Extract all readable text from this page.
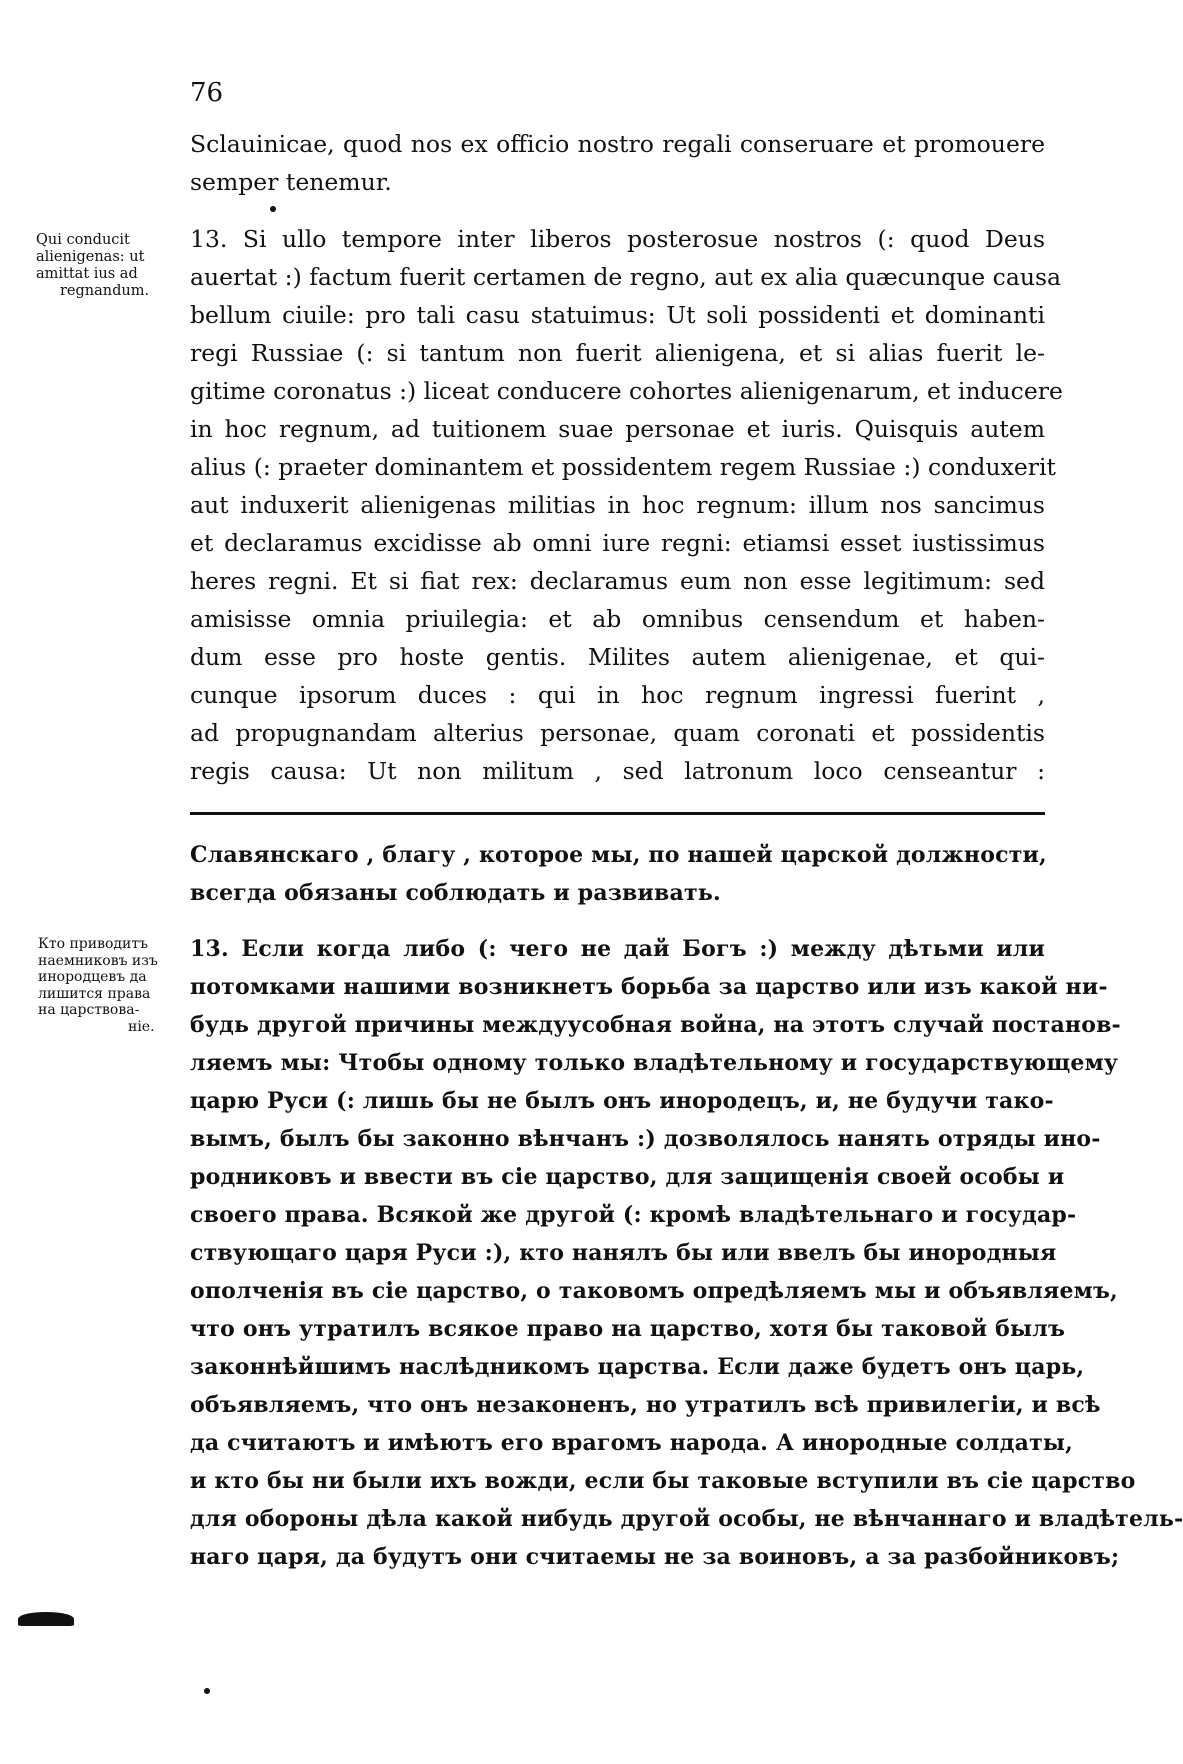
76
Qui conducit
alienigenas: ut
amittat ius ad
regnandum.
Sclauinicae, quod nos ex officio nostro regali conseruare et promouere
semper tenemur.
13. Si ullo tempore inter liberos posterosue nostros (: quod Deus
auertat :) factum fuerit certamen de regno, aut ex alia quæcunque causa
bellum ciuile: pro tali casu statuimus: Ut soli possidenti et dominanti
regi Russiae (: si tantum non fuerit alienigena, et si alias fuerit le-
gitime coronatus :) liceat conducere cohortes alienigenarum, et inducere
in hoc regnum, ad tuitionem suae personae et iuris. Quisquis autem
alius (: praeter dominantem et possidentem regem Russiae :) conduxerit
aut induxerit alienigenas militias in hoc regnum: illum nos sancimus
et declaramus excidisse ab omni iure regni: etiamsi esset iustissimus
heres regni. Et si fiat rex: declaramus eum non esse legitimum: sed
amisisse omnia priuilegia: et ab omnibus censendum et haben-
dum esse pro hoste gentis. Milites autem alienigenae, et qui-
cunque ipsorum duces : qui in hoc regnum ingressi fuerint ,
ad propugnandam alterius personae, quam coronati et possidentis
regis causa: Ut non militum , sed latronum loco censeantur :
Кто приводитъ
наемниковъ изъ
инородцевъ да
лишится права
на царствова-
нiе.
Славянскаго , благу , которое мы, по нашей царской должности,
всегда обязаны соблюдать и развивать.
13. Если когда либо (: чего не дай Богъ :) между дѣтьми или
потомками нашими возникнетъ борьба за царство или изъ какой ни-
будь другой причины междуусобная война, на этотъ случай постанов-
ляемъ мы: Чтобы одному только владѣтельному и государствующему
царю Руси (: лишь бы не былъ онъ инородецъ, и, не будучи тако-
вымъ, былъ бы законно вѣнчанъ :) дозволялось нанять отряды ино-
родниковъ и ввести въ сiе царство, для защищенiя своей особы и
своего права. Всякой же другой (: кромѣ владѣтельнаго и государ-
ствующаго царя Руси :), кто нанялъ бы или ввелъ бы инородныя
ополченiя въ сiе царство, о таковомъ опредѣляемъ мы и объявляемъ,
что онъ утратилъ всякое право на царство, хотя бы таковой былъ
законнѣйшимъ наслѣдникомъ царства. Если даже будетъ онъ царь,
объявляемъ, что онъ незаконенъ, но утратилъ всѣ привилегiи, и всѣ
да считаютъ и имѣютъ его врагомъ народа. А инородные солдаты,
и кто бы ни были ихъ вожди, если бы таковые вступили въ сiе царство
для обороны дѣла какой нибудь другой особы, не вѣнчаннаго и владѣтель-
наго царя, да будутъ они считаемы не за воиновъ, а за разбойниковъ;
